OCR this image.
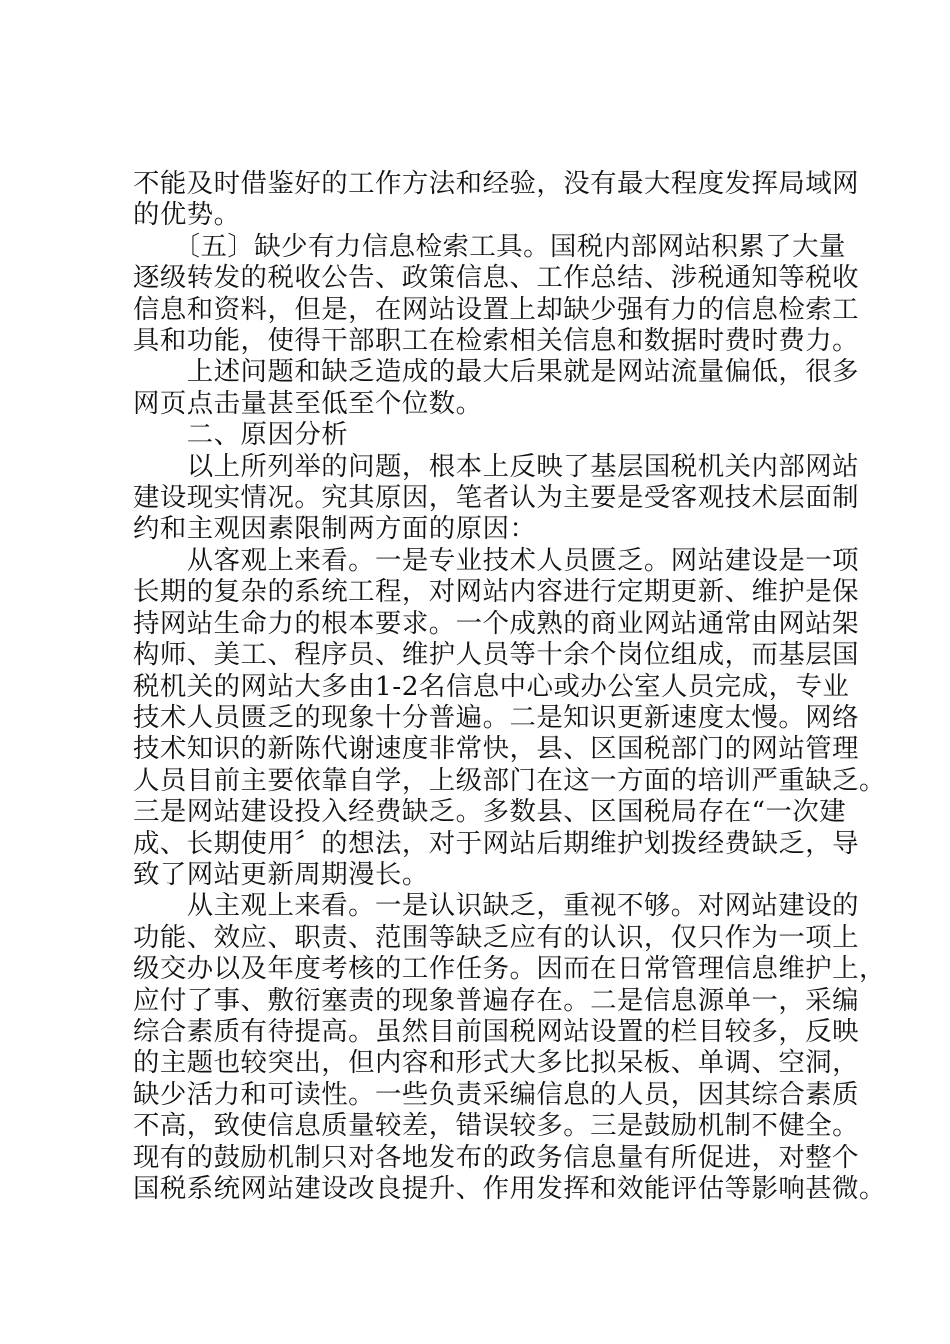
不能及时借鉴好的工作方法和经验，没有最大程度发挥局域网
的优势。
　　〔五〕缺少有力信息检索工具。国税内部网站积累了大量
逐级转发的税收公告、政策信息、工作总结、涉税通知等税收
信息和资料，但是，在网站设置上却缺少强有力的信息检索工
具和功能，使得干部职工在检索相关信息和数据时费时费力。
　　上述问题和缺乏造成的最大后果就是网站流量偏低，很多
网页点击量甚至低至个位数。
　　二、原因分析
　　以上所列举的问题，根本上反映了基层国税机关内部网站
建设现实情况。究其原因，笔者认为主要是受客观技术层面制
约和主观因素限制两方面的原因：
　　从客观上来看。一是专业技术人员匮乏。网站建设是一项
长期的复杂的系统工程，对网站内容进行定期更新、维护是保
持网站生命力的根本要求。一个成熟的商业网站通常由网站架
构师、美工、程序员、维护人员等十余个岗位组成，而基层国
税机关的网站大多由1-2名信息中心或办公室人员完成，专业
技术人员匮乏的现象十分普遍。二是知识更新速度太慢。网络
技术知识的新陈代谢速度非常快，县、区国税部门的网站管理
人员目前主要依靠自学，上级部门在这一方面的培训严重缺乏。
三是网站建设投入经费缺乏。多数县、区国税局存在“一次建
成、长期使用〞的想法，对于网站后期维护划拨经费缺乏，导
致了网站更新周期漫长。
　　从主观上来看。一是认识缺乏，重视不够。对网站建设的
功能、效应、职责、范围等缺乏应有的认识，仅只作为一项上
级交办以及年度考核的工作任务。因而在日常管理信息维护上，
应付了事、敷衍塞责的现象普遍存在。二是信息源单一，采编
综合素质有待提高。虽然目前国税网站设置的栏目较多，反映
的主题也较突出，但内容和形式大多比拟呆板、单调、空洞，
缺少活力和可读性。一些负责采编信息的人员，因其综合素质
不高，致使信息质量较差，错误较多。三是鼓励机制不健全。
现有的鼓励机制只对各地发布的政务信息量有所促进，对整个
国税系统网站建设改良提升、作用发挥和效能评估等影响甚微。
